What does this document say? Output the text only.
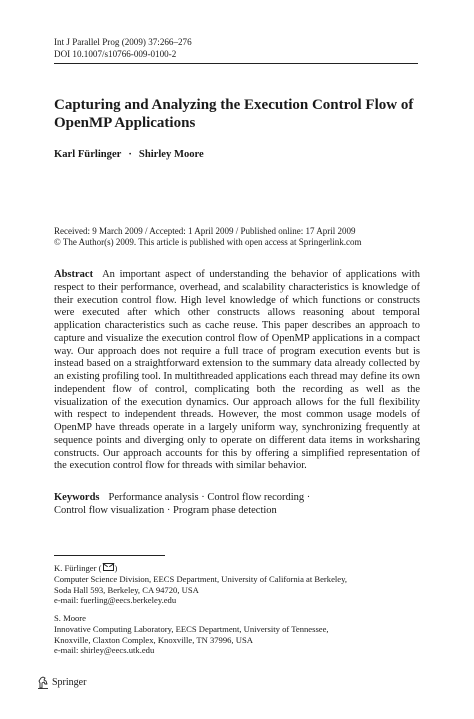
Int J Parallel Prog (2009) 37:266–276
DOI 10.1007/s10766-009-0100-2
Capturing and Analyzing the Execution Control Flow of OpenMP Applications
Karl Fürlinger · Shirley Moore
Received: 9 March 2009 / Accepted: 1 April 2009 / Published online: 17 April 2009
© The Author(s) 2009. This article is published with open access at Springerlink.com

Abstract An important aspect of understanding the behavior of applications with respect to their performance, overhead, and scalability characteristics is knowledge of their execution control flow. High level knowledge of which functions or constructs were executed after which other constructs allows reasoning about temporal application characteristics such as cache reuse. This paper describes an approach to capture and visualize the execution control flow of OpenMP applications in a compact way. Our approach does not require a full trace of program execution events but is instead based on a straightforward extension to the summary data already collected by an existing profiling tool. In multithreaded applications each thread may define its own independent flow of control, complicating both the recording as well as the visualization of the execution dynamics. Our approach allows for the full flexibility with respect to independent threads. However, the most common usage models of OpenMP have threads operate in a largely uniform way, synchronizing frequently at sequence points and diverging only to operate on different data items in worksharing constructs. Our approach accounts for this by offering a simplified representation of the execution control flow for threads with similar behavior.

Keywords Performance analysis · Control flow recording ·
Control flow visualization · Program phase detection

K. Fürlinger ( )
Computer Science Division, EECS Department, University of California at Berkeley,
Soda Hall 593, Berkeley, CA 94720, USA
e-mail: fuerling@eecs.berkeley.edu
S. Moore
Innovative Computing Laboratory, EECS Department, University of Tennessee,
Knoxville, Claxton Complex, Knoxville, TN 37996, USA
e-mail: shirley@eecs.utk.edu
Springer
